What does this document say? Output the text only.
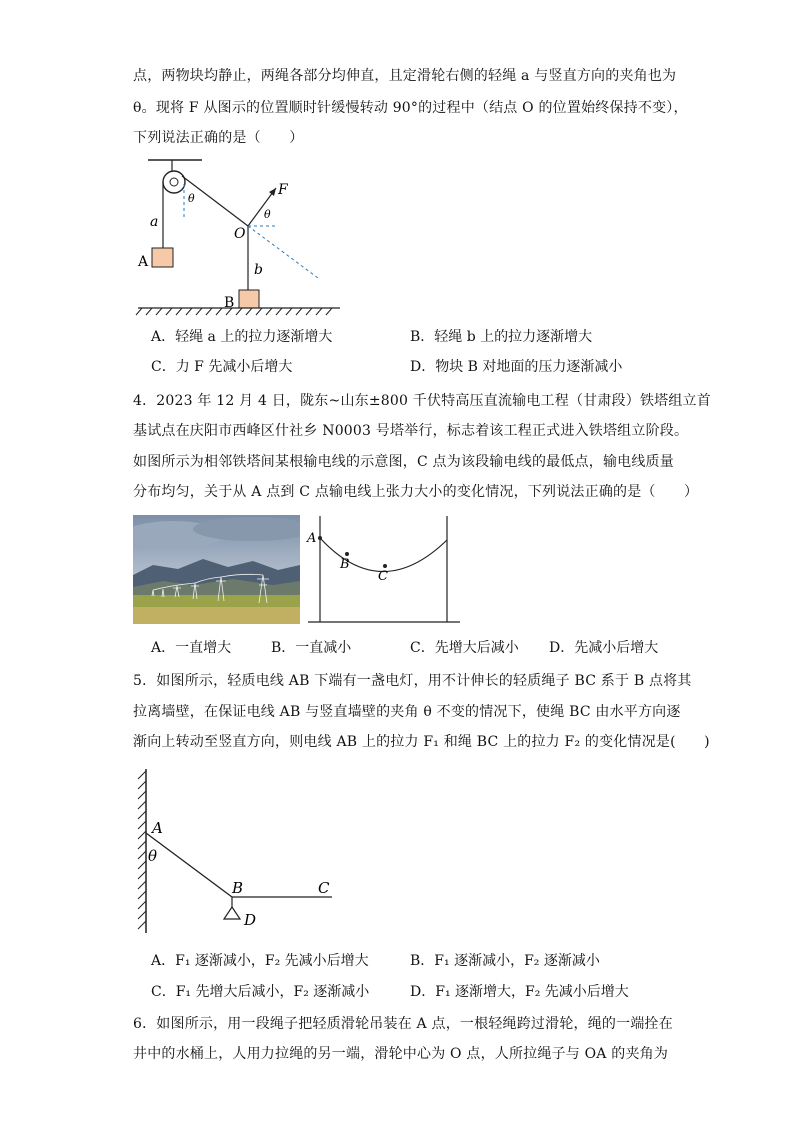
点，两物块均静止，两绳各部分均伸直，且定滑轮右侧的轻绳 a 与竖直方向的夹角也为
θ。现将 F 从图示的位置顺时针缓慢转动 90°的过程中（结点 O 的位置始终保持不变），
下列说法正确的是（　　）
a
A
B
b
O
F
θ
θ
A．轻绳 a 上的拉力逐渐增大	B．轻绳 b 上的拉力逐渐增大
C．力 F 先减小后增大	D．物块 B 对地面的压力逐渐减小
4．2023 年 12 月 4 日，陇东~山东±800 千伏特高压直流输电工程（甘肃段）铁塔组立首
基试点在庆阳市西峰区什社乡 N0003 号塔举行，标志着该工程正式进入铁塔组立阶段。
如图所示为相邻铁塔间某根输电线的示意图，C 点为该段输电线的最低点，输电线质量
分布均匀，关于从 A 点到 C 点输电线上张力大小的变化情况，下列说法正确的是（　　）
A
B
C
A．一直增大	B．一直减小	C．先增大后减小 D．先减小后增大
5．如图所示，轻质电线 AB 下端有一盏电灯，用不计伸长的轻质绳子 BC 系于 B 点将其
拉离墙壁，在保证电线 AB 与竖直墙壁的夹角 θ 不变的情况下，使绳 BC 由水平方向逐
渐向上转动至竖直方向，则电线 AB 上的拉力 F₁ 和绳 BC 上的拉力 F₂ 的变化情况是(　　)
A
θ
B	C
D
A．F₁ 逐渐减小，F₂ 先减小后增大	B．F₁ 逐渐减小，F₂ 逐渐减小
C．F₁ 先增大后减小，F₂ 逐渐减小	D．F₁ 逐渐增大，F₂ 先减小后增大
6．如图所示，用一段绳子把轻质滑轮吊装在 A 点，一根轻绳跨过滑轮，绳的一端拴在
井中的水桶上，人用力拉绳的另一端，滑轮中心为 O 点，人所拉绳子与 OA 的夹角为
